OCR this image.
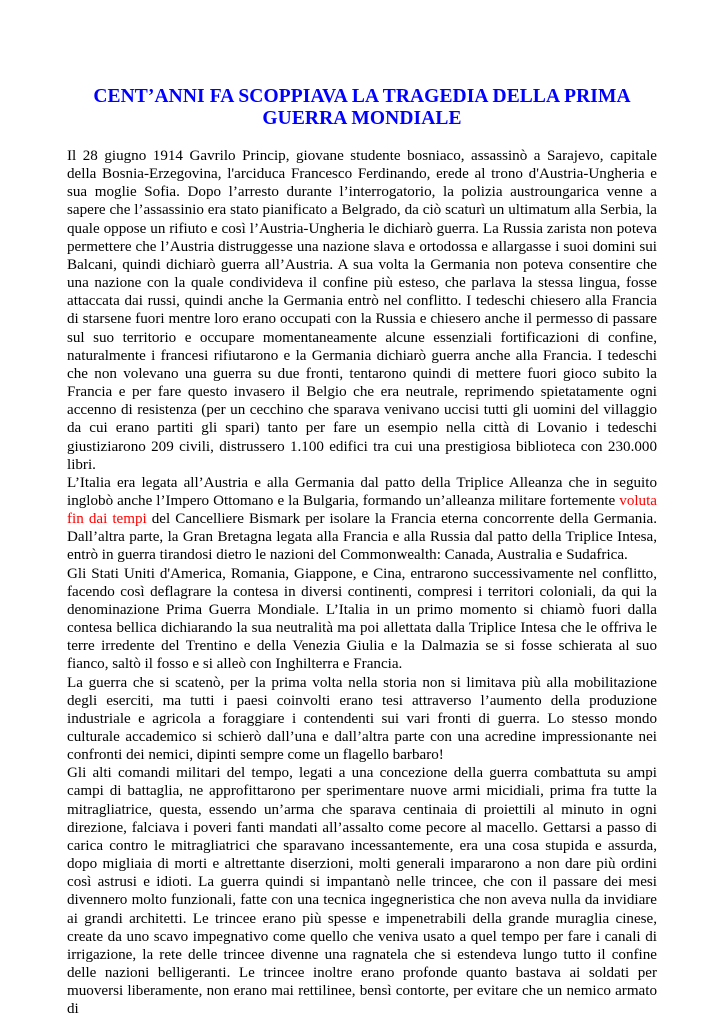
CENT’ANNI FA SCOPPIAVA LA TRAGEDIA DELLA PRIMA GUERRA MONDIALE

Il 28 giugno 1914 Gavrilo Princip, giovane studente bosniaco, assassinò a Sarajevo, capitale della Bosnia-Erzegovina, l'arciduca Francesco Ferdinando, erede al trono d'Austria-Ungheria e sua moglie Sofia. Dopo l’arresto durante l’interrogatorio, la polizia austroungarica venne a sapere che l’assassinio era stato pianificato a Belgrado, da ciò scaturì un ultimatum alla Serbia, la quale oppose un rifiuto e così l’Austria-Ungheria le dichiarò guerra. La Russia zarista non poteva permettere che l’Austria distruggesse una nazione slava e ortodossa e allargasse i suoi domini sui Balcani, quindi dichiarò guerra all’Austria. A sua volta la Germania non poteva consentire che una nazione con la quale condivideva il confine più esteso, che parlava la stessa lingua, fosse attaccata dai russi, quindi anche la Germania entrò nel conflitto. I tedeschi chiesero alla Francia di starsene fuori mentre loro erano occupati con la Russia e chiesero anche il permesso di passare sul suo territorio e occupare momentaneamente alcune essenziali fortificazioni di confine, naturalmente i francesi rifiutarono e la Germania dichiarò guerra anche alla Francia. I tedeschi che non volevano una guerra su due fronti, tentarono quindi di mettere fuori gioco subito la Francia e per fare questo invasero il Belgio che era neutrale, reprimendo spietatamente ogni accenno di resistenza (per un cecchino che sparava venivano uccisi tutti gli uomini del villaggio da cui erano partiti gli spari) tanto per fare un esempio nella città di Lovanio i tedeschi giustiziarono 209 civili, distrussero 1.100 edifici tra cui una prestigiosa biblioteca con 230.000 libri.

L’Italia era legata all’Austria e alla Germania dal patto della Triplice Alleanza che in seguito inglobò anche l’Impero Ottomano e la Bulgaria, formando un’alleanza militare fortemente voluta fin dai tempi del Cancelliere Bismark per isolare la Francia eterna concorrente della Germania. Dall’altra parte, la Gran Bretagna legata alla Francia e alla Russia dal patto della Triplice Intesa, entrò in guerra tirandosi dietro le nazioni del Commonwealth: Canada, Australia e Sudafrica.

Gli Stati Uniti d'America, Romania, Giappone, e Cina, entrarono successivamente nel conflitto, facendo così deflagrare la contesa in diversi continenti, compresi i territori coloniali, da qui la denominazione Prima Guerra Mondiale. L’Italia in un primo momento si chiamò fuori dalla contesa bellica dichiarando la sua neutralità ma poi allettata dalla Triplice Intesa che le offriva le terre irredente del Trentino e della Venezia Giulia e la Dalmazia se si fosse schierata al suo fianco, saltò il fosso e si alleò con Inghilterra e Francia.

La guerra che si scatenò, per la prima volta nella storia non si limitava più alla mobilitazione degli eserciti, ma tutti i paesi coinvolti erano tesi attraverso l’aumento della produzione industriale e agricola a foraggiare i contendenti sui vari fronti di guerra. Lo stesso mondo culturale accademico si schierò dall’una e dall’altra parte con una acredine impressionante nei confronti dei nemici, dipinti sempre come un flagello barbaro!

Gli alti comandi militari del tempo, legati a una concezione della guerra combattuta su ampi campi di battaglia, ne approfittarono per sperimentare nuove armi micidiali, prima fra tutte la mitragliatrice, questa, essendo un’arma che sparava centinaia di proiettili al minuto in ogni direzione, falciava i poveri fanti mandati all’assalto come pecore al macello. Gettarsi a passo di carica contro le mitragliatrici che sparavano incessantemente, era una cosa stupida e assurda, dopo migliaia di morti e altrettante diserzioni, molti generali impararono a non dare più ordini così astrusi e idioti. La guerra quindi si impantanò nelle trincee, che con il passare dei mesi divennero molto funzionali, fatte con una tecnica ingegneristica che non aveva nulla da invidiare ai grandi architetti. Le trincee erano più spesse e impenetrabili della grande muraglia cinese, create da uno scavo impegnativo come quello che veniva usato a quel tempo per fare i canali di irrigazione, la rete delle trincee divenne una ragnatela che si estendeva lungo tutto il confine delle nazioni belligeranti. Le trincee inoltre erano profonde quanto bastava ai soldati per muoversi liberamente, non erano mai rettilinee, bensì contorte, per evitare che un nemico armato di
